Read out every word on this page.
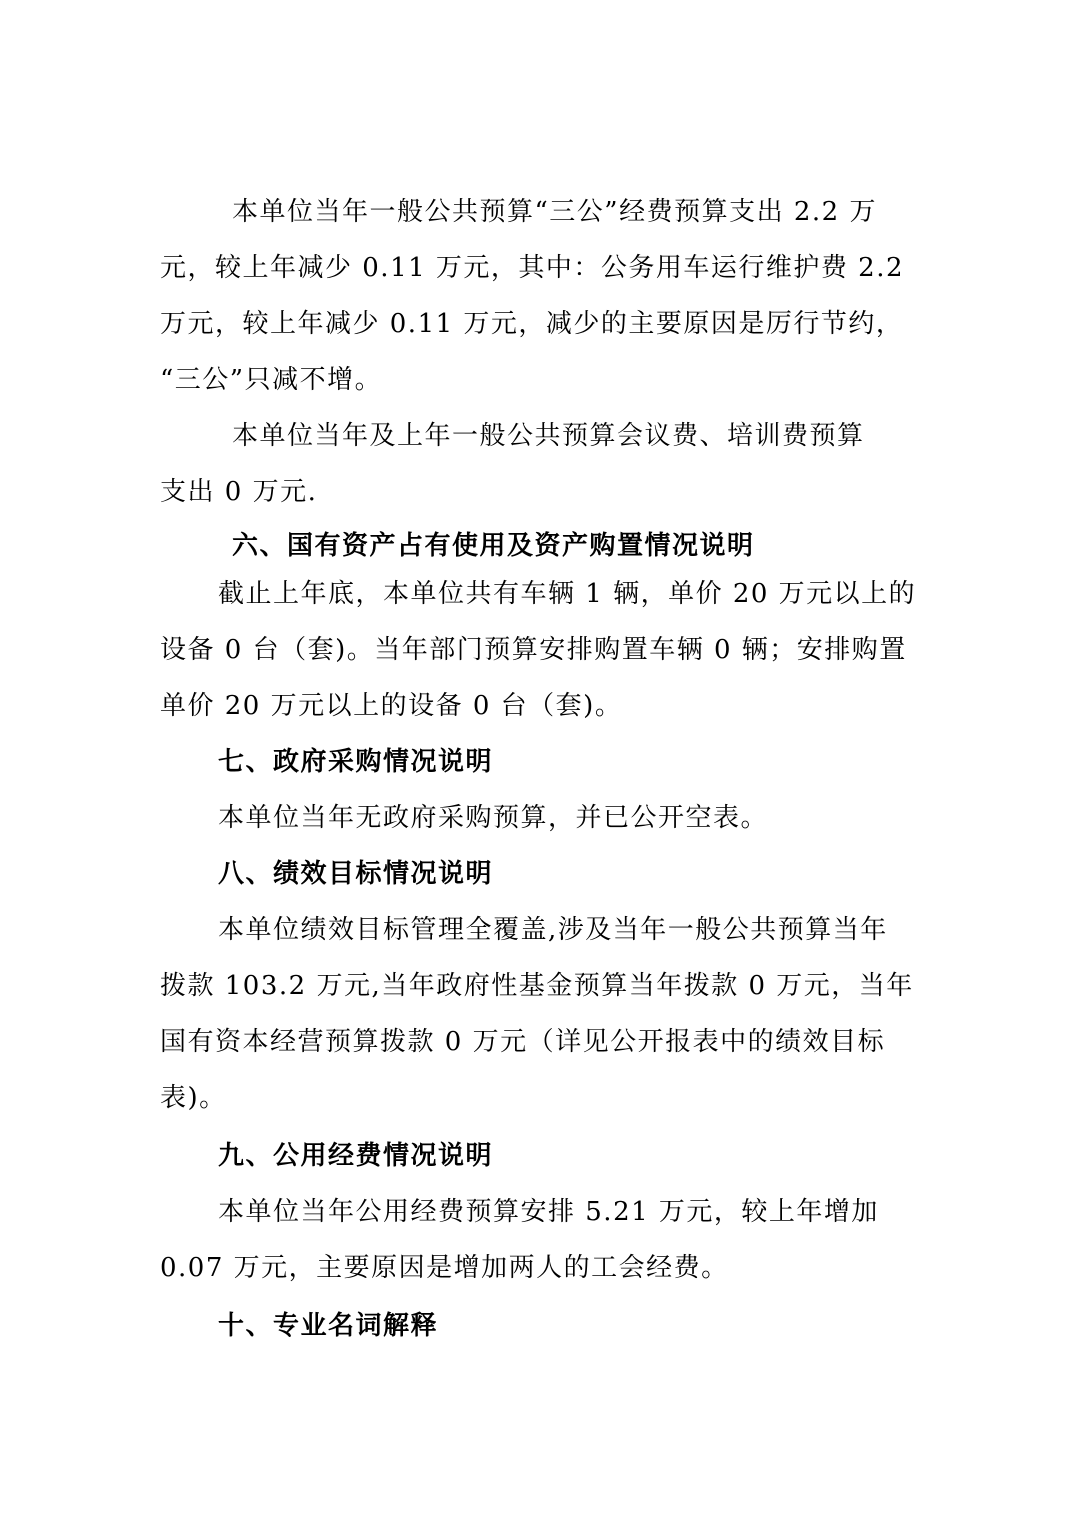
本单位当年一般公共预算“三公”经费预算支出 2.2 万
元，较上年减少 0.11 万元，其中：公务用车运行维护费 2.2
万元，较上年减少 0.11 万元，减少的主要原因是厉行节约，
“三公”只减不增。
本单位当年及上年一般公共预算会议费、培训费预算
支出 0 万元.
六、国有资产占有使用及资产购置情况说明
截止上年底，本单位共有车辆 1 辆，单价 20 万元以上的
设备 0 台（套)。当年部门预算安排购置车辆 0 辆；安排购置
单价 20 万元以上的设备 0 台（套)。
七、政府采购情况说明
本单位当年无政府采购预算，并已公开空表。
八、绩效目标情况说明
本单位绩效目标管理全覆盖,涉及当年一般公共预算当年
拨款 103.2 万元,当年政府性基金预算当年拨款 0 万元，当年
国有资本经营预算拨款 0 万元（详见公开报表中的绩效目标
表)。
九、公用经费情况说明
本单位当年公用经费预算安排 5.21 万元，较上年增加
0.07 万元，主要原因是增加两人的工会经费。
十、专业名词解释
